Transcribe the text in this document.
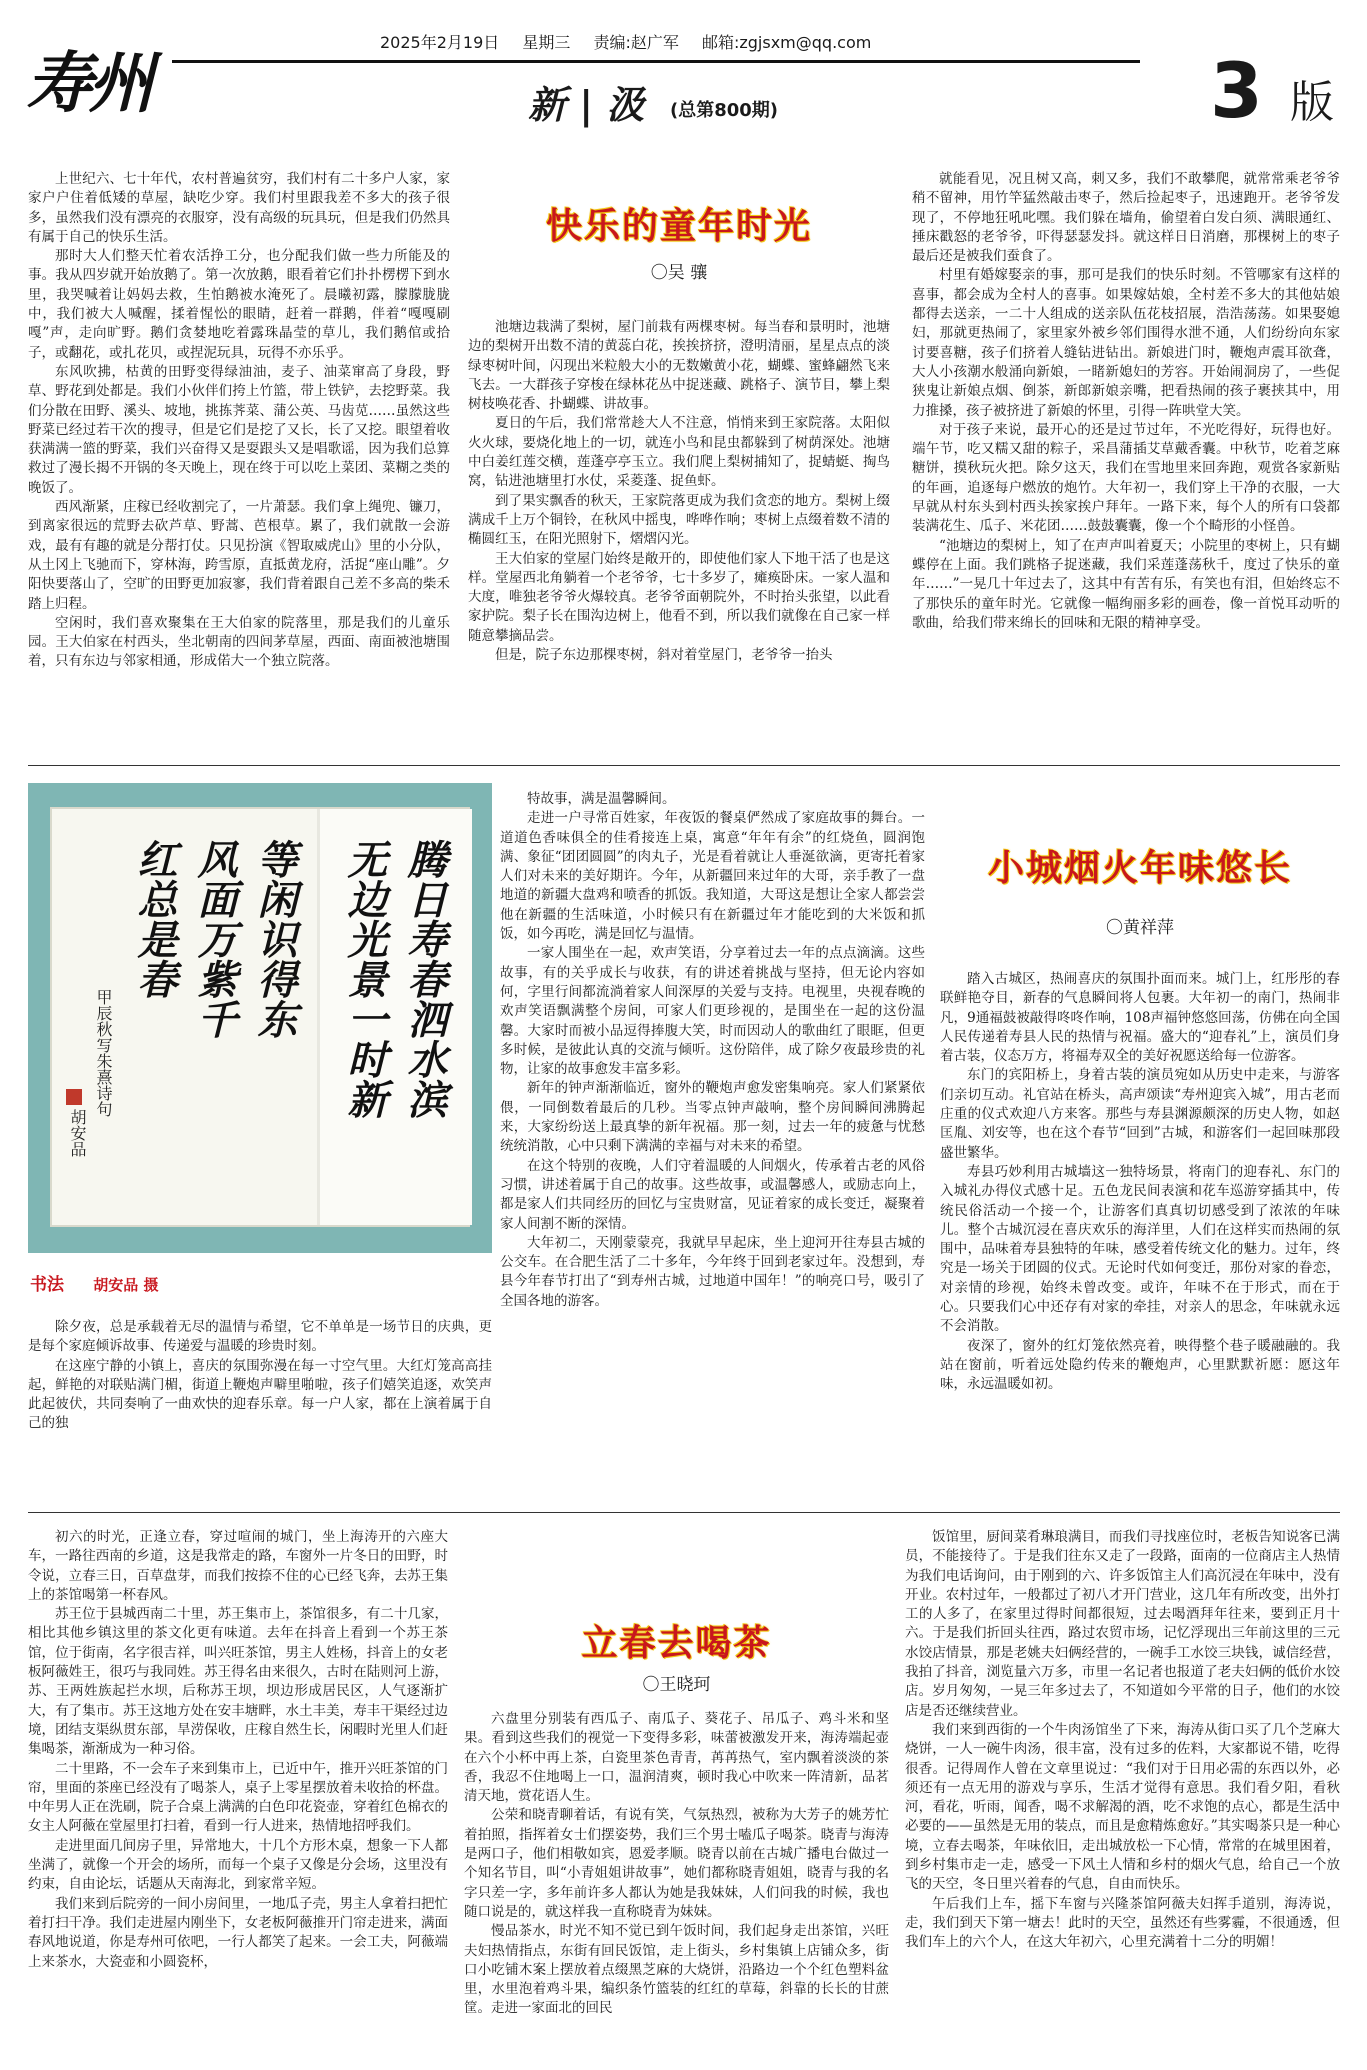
寿州
2025年2月19日 星期三 责编:赵广军 邮箱:zgjsxm@qq.com
新 | 汲 (总第800期)	3 版

上世纪六、七十年代，农村普遍贫穷，我们村有二十多户人家，家家户户住着低矮的草屋，缺吃少穿。我们村里跟我差不多大的孩子很多，虽然我们没有漂亮的衣服穿，没有高级的玩具玩，但是我们仍然具有属于自己的快乐生活。

那时大人们整天忙着农活挣工分，也分配我们做一些力所能及的事。我从四岁就开始放鹅了。第一次放鹅，眼看着它们扑扑楞楞下到水里，我哭喊着让妈妈去救，生怕鹅被水淹死了。晨曦初露，朦朦胧胧中，我们被大人喊醒，揉着惺忪的眼睛，赶着一群鹅，伴着“嘎嘎刷嘎”声，走向旷野。鹅们贪婪地吃着露珠晶莹的草儿，我们鹅倌或拾子，或翻花，或扎花贝，或捏泥玩具，玩得不亦乐乎。

东风吹拂，枯黄的田野变得绿油油，麦子、油菜窜高了身段，野草、野花到处都是。我们小伙伴们挎上竹篮，带上铁铲，去挖野菜。我们分散在田野、溪头、坡地，挑拣荠菜、蒲公英、马齿苋……虽然这些野菜已经过若干次的搜寻，但是它们是挖了又长，长了又挖。眼望着收获满满一篮的野菜，我们兴奋得又是耍跟头又是唱歌谣，因为我们总算救过了漫长揭不开锅的冬天晚上，现在终于可以吃上菜团、菜糊之类的晚饭了。

西风渐紧，庄稼已经收割完了，一片萧瑟。我们拿上绳兜、镰刀，到离家很远的荒野去砍芦草、野蒿、芭根草。累了，我们就散一会游戏，最有有趣的就是分帮打仗。只见扮演《智取威虎山》里的小分队，从土冈上飞驰而下，穿林海，跨雪原，直抵黄龙府，活捉“座山雕”。夕阳快要落山了，空旷的田野更加寂寥，我们背着跟自己差不多高的柴禾踏上归程。

空闲时，我们喜欢聚集在王大伯家的院落里，那是我们的儿童乐园。王大伯家在村西头，坐北朝南的四间茅草屋，西面、南面被池塘围着，只有东边与邻家相通，形成偌大一个独立院落。

快乐的童年时光
〇吴 骧

池塘边栽满了梨树，屋门前栽有两棵枣树。每当春和景明时，池塘边的梨树开出数不清的黄蕊白花，挨挨挤挤，澄明清丽，星星点点的淡绿枣树叶间，闪现出米粒般大小的无数嫩黄小花，蝴蝶、蜜蜂翩然飞来飞去。一大群孩子穿梭在绿林花丛中捉迷藏、跳格子、演节目，攀上梨树枝唤花香、扑蝴蝶、讲故事。

夏日的午后，我们常常趁大人不注意，悄悄来到王家院落。太阳似火火球，要烧化地上的一切，就连小鸟和昆虫都躲到了树荫深处。池塘中白姜红莲交横，莲蓬亭亭玉立。我们爬上梨树捕知了，捉蜻蜓、掏鸟窝，钻进池塘里打水仗，采菱蓬、捉鱼虾。

到了果实飘香的秋天，王家院落更成为我们贪恋的地方。梨树上缀满成千上万个铜铃，在秋风中摇曳，哗哗作响；枣树上点缀着数不清的椭圆红玉，在阳光照射下，熠熠闪光。

王大伯家的堂屋门始终是敞开的，即使他们家人下地干活了也是这样。堂屋西北角躺着一个老爷爷，七十多岁了，瘫痪卧床。一家人温和大度，唯独老爷爷火爆较真。老爷爷面朝院外，不时抬头张望，以此看家护院。梨子长在围沟边树上，他看不到，所以我们就像在自己家一样随意攀摘品尝。

但是，院子东边那棵枣树，斜对着堂屋门，老爷爷一抬头

就能看见，况且树又高，刺又多，我们不敢攀爬，就常常乘老爷爷稍不留神，用竹竿猛然敲击枣子，然后捡起枣子，迅速跑开。老爷爷发现了，不停地狂吼叱嘿。我们躲在墙角，偷望着白发白须、满眼通红、捶床戳怒的老爷爷，吓得瑟瑟发抖。就这样日日消磨，那棵树上的枣子最后还是被我们蚕食了。

村里有婚嫁娶亲的事，那可是我们的快乐时刻。不管哪家有这样的喜事，都会成为全村人的喜事。如果嫁姑娘，全村差不多大的其他姑娘都得去送亲，一二十人组成的送亲队伍花枝招展，浩浩荡荡。如果娶媳妇，那就更热闹了，家里家外被乡邻们围得水泄不通，人们纷纷向东家讨要喜糖，孩子们挤着人缝钻进钻出。新娘进门时，鞭炮声震耳欲聋，大人小孩潮水般涌向新娘，一睹新媳妇的芳容。开始闹洞房了，一些促狭鬼让新娘点烟、倒茶，新郎新娘亲嘴，把看热闹的孩子裹挟其中，用力推搡，孩子被挤进了新娘的怀里，引得一阵哄堂大笑。

对于孩子来说，最开心的还是过节过年，不光吃得好，玩得也好。端午节，吃又糯又甜的粽子，采昌蒲插艾草戴香囊。中秋节，吃着芝麻糖饼，摸秋玩火把。除夕这天，我们在雪地里来回奔跑，观赏各家新贴的年画，追逐每户燃放的炮竹。大年初一，我们穿上干净的衣服，一大早就从村东头到村西头挨家挨户拜年。一路下来，每个人的所有口袋都装满花生、瓜子、米花团……鼓鼓囊囊，像一个个畸形的小怪兽。

“池塘边的梨树上，知了在声声叫着夏天；小院里的枣树上，只有蝴蝶停在上面。我们跳格子捉迷藏，我们采莲蓬荡秋千，度过了快乐的童年……”一晃几十年过去了，这其中有苦有乐，有笑也有泪，但始终忘不了那快乐的童年时光。它就像一幅绚丽多彩的画卷，像一首悦耳动听的歌曲，给我们带来绵长的回味和无限的精神享受。

腾日寿春泗水滨
无边光景一时新
等闲识得东
风面万紫千
红总是春
甲辰秋写朱熹诗句
胡安品
书法 胡安品 摄

除夕夜，总是承载着无尽的温情与希望，它不单单是一场节日的庆典，更是每个家庭倾诉故事、传递爱与温暖的珍贵时刻。

在这座宁静的小镇上，喜庆的氛围弥漫在每一寸空气里。大红灯笼高高挂起，鲜艳的对联贴满门楣，街道上鞭炮声噼里啪啦，孩子们嬉笑追逐，欢笑声此起彼伏，共同奏响了一曲欢快的迎春乐章。每一户人家，都在上演着属于自己的独

特故事，满是温馨瞬间。

走进一户寻常百姓家，年夜饭的餐桌俨然成了家庭故事的舞台。一道道色香味俱全的佳肴接连上桌，寓意“年年有余”的红烧鱼，圆润饱满、象征“团团圆圆”的肉丸子，光是看着就让人垂涎欲滴，更寄托着家人们对未来的美好期许。今年，从新疆回来过年的大哥，亲手教了一盘地道的新疆大盘鸡和喷香的抓饭。我知道，大哥这是想让全家人都尝尝他在新疆的生活味道，小时候只有在新疆过年才能吃到的大米饭和抓饭，如今再吃，满是回忆与温情。

一家人围坐在一起，欢声笑语，分享着过去一年的点点滴滴。这些故事，有的关乎成长与收获，有的讲述着挑战与坚持，但无论内容如何，字里行间都流淌着家人间深厚的关爱与支持。电视里，央视春晚的欢声笑语飘满整个房间，可家人们更珍视的，是围坐在一起的这份温馨。大家时而被小品逗得捧腹大笑，时而因动人的歌曲红了眼眶，但更多时候，是彼此认真的交流与倾听。这份陪伴，成了除夕夜最珍贵的礼物，让家的故事愈发丰富多彩。

新年的钟声渐渐临近，窗外的鞭炮声愈发密集响亮。家人们紧紧依偎，一同倒数着最后的几秒。当零点钟声敲响，整个房间瞬间沸腾起来，大家纷纷送上最真挚的新年祝福。那一刻，过去一年的疲惫与忧愁统统消散，心中只剩下满满的幸福与对未来的希望。

在这个特别的夜晚，人们守着温暖的人间烟火，传承着古老的风俗习惯，讲述着属于自己的故事。这些故事，或温馨感人，或励志向上，都是家人们共同经历的回忆与宝贵财富，见证着家的成长变迁，凝聚着家人间割不断的深情。

大年初二，天刚蒙蒙亮，我就早早起床，坐上迎河开往寿县古城的公交车。在合肥生活了二十多年，今年终于回到老家过年。没想到，寿县今年春节打出了“到寿州古城，过地道中国年！”的响亮口号，吸引了全国各地的游客。

小城烟火年味悠长
〇黄祥萍

踏入古城区，热闹喜庆的氛围扑面而来。城门上，红彤彤的春联鲜艳夺目，新春的气息瞬间将人包裹。大年初一的南门，热闹非凡，9通福鼓被敲得咚咚作响，108声福钟悠悠回荡，仿佛在向全国人民传递着寿县人民的热情与祝福。盛大的“迎春礼”上，演员们身着古装，仪态万方，将福寿双全的美好祝愿送给每一位游客。

东门的宾阳桥上，身着古装的演员宛如从历史中走来，与游客们亲切互动。礼官站在桥头，高声颂读“寿州迎宾入城”，用古老而庄重的仪式欢迎八方来客。那些与寿县渊源颇深的历史人物，如赵匡胤、刘安等，也在这个春节“回到”古城，和游客们一起回味那段盛世繁华。

寿县巧妙利用古城墙这一独特场景，将南门的迎春礼、东门的入城礼办得仪式感十足。五色龙民间表演和花车巡游穿插其中，传统民俗活动一个接一个，让游客们真真切切感受到了浓浓的年味儿。整个古城沉浸在喜庆欢乐的海洋里，人们在这样实而热闹的氛围中，品味着寿县独特的年味，感受着传统文化的魅力。过年，终究是一场关于团圆的仪式。无论时代如何变迁，那份对家的眷恋，对亲情的珍视，始终未曾改变。或许，年味不在于形式，而在于心。只要我们心中还存有对家的牵挂，对亲人的思念，年味就永远不会消散。

夜深了，窗外的红灯笼依然亮着，映得整个巷子暖融融的。我站在窗前，听着远处隐约传来的鞭炮声，心里默默祈愿：愿这年味，永远温暖如初。

初六的时光，正逢立春，穿过喧闹的城门，坐上海涛开的六座大车，一路往西南的乡道，这是我常走的路，车窗外一片冬日的田野，时令说，立春三日，百草盘芽，而我们按捺不住的心已经飞奔，去苏王集上的茶馆喝第一杯春风。

苏王位于县城西南二十里，苏王集市上，茶馆很多，有二十几家，相比其他乡镇这里的茶文化更有味道。去年在抖音上看到一个苏王茶馆，位于街南，名字很吉祥，叫兴旺茶馆，男主人姓杨，抖音上的女老板阿薇姓王，很巧与我同姓。苏王得名由来很久，古时在陆则河上游，苏、王两姓族起拦水坝，后称苏王坝，坝边形成居民区，人气逐渐扩大，有了集市。苏王这地方处在安丰塘畔，水土丰美，寿丰干渠经过边境，团结支渠纵贯东部，旱涝保收，庄稼自然生长，闲暇时光里人们赶集喝茶，渐渐成为一种习俗。

二十里路，不一会车子来到集市上，已近中午，推开兴旺茶馆的门帘，里面的茶座已经没有了喝茶人，桌子上零星摆放着未收拾的杯盘。中年男人正在洗刷，院子合桌上满满的白色印花瓷壶，穿着红色棉衣的女主人阿薇在堂屋里打扫着，看到一行人进来，热情地招呼我们。

走进里面几间房子里，异常地大，十几个方形木桌，想象一下人都坐满了，就像一个开会的场所，而每一个桌子又像是分会场，这里没有约束，自由论坛，话题从天南海北，到家常辛短。

我们来到后院旁的一间小房间里，一地瓜子壳，男主人拿着扫把忙着打扫干净。我们走进屋内刚坐下，女老板阿薇推开门帘走进来，满面春风地说道，你是寿州可依吧，一行人都笑了起来。一会工夫，阿薇端上来茶水，大瓷壶和小圆瓷杯，

立春去喝茶
〇王晓珂

六盘里分别装有西瓜子、南瓜子、葵花子、吊瓜子、鸡斗米和坚果。看到这些我们的视觉一下变得多彩，味蕾被激发开来，海涛端起壶在六个小杯中再上茶，白瓷里茶色青青，苒苒热气，室内飘着淡淡的茶香，我忍不住地喝上一口，温润清爽，顿时我心中吹来一阵清新，品茗清天地，赏花语人生。

公荣和晓青聊着话，有说有笑，气氛热烈，被称为大芳子的姚芳忙着拍照，指挥着女士们摆姿势，我们三个男士嗑瓜子喝茶。晓青与海涛是两口子，他们相敬如宾，恩爱孝顺。晓青以前在古城广播电台做过一个知名节目，叫“小青姐姐讲故事”，她们都称晓青姐姐，晓青与我的名字只差一字，多年前许多人都认为她是我妹妹，人们问我的时候，我也随口说是的，就这样我一直称晓青为妹妹。

慢品茶水，时光不知不觉已到午饭时间，我们起身走出茶馆，兴旺夫妇热情指点，东街有回民饭馆，走上街头，乡村集镇上店铺众多，街口小吃铺木案上摆放着点缀黑芝麻的大烧饼，沿路边一个个红色塑料盆里，水里泡着鸡斗果，编织条竹篮装的红红的草莓，斜靠的长长的甘蔗筐。走进一家面北的回民

饭馆里，厨间菜肴琳琅满目，而我们寻找座位时，老板告知说客已满员，不能接待了。于是我们往东又走了一段路，面南的一位商店主人热情为我们电话询问，由于刚到的六、许多饭馆主人们高沉浸在年味中，没有开业。农村过年，一般都过了初八才开门营业，这几年有所改变，出外打工的人多了，在家里过得时间都很短，过去喝酒拜年往来，要到正月十六。于是我们折回头往西，路过农贸市场，记忆浮现出三年前这里的三元水饺店情景，那是老姚夫妇俩经营的，一碗手工水饺三块钱，诚信经营，我拍了抖音，浏览量六万多，市里一名记者也报道了老夫妇俩的低价水饺店。岁月匆匆，一晃三年多过去了，不知道如今平常的日子，他们的水饺店是否还继续营业。

我们来到西街的一个牛肉汤馆坐了下来，海涛从街口买了几个芝麻大烧饼，一人一碗牛肉汤，很丰富，没有过多的佐料，大家都说不错，吃得很香。记得周作人曾在文章里说过：“我们对于日用必需的东西以外，必须还有一点无用的游戏与享乐，生活才觉得有意思。我们看夕阳，看秋河，看花，听雨，闻香，喝不求解渴的酒，吃不求饱的点心，都是生活中必要的——虽然是无用的装点，而且是愈精炼愈好。”其实喝茶只是一种心境，立春去喝茶，年味依旧，走出城放松一下心情，常常的在城里困着，到乡村集市走一走，感受一下风土人情和乡村的烟火气息，给自己一个放飞的天空，冬日里兴着春的气息，自由而快乐。

午后我们上车，摇下车窗与兴隆茶馆阿薇夫妇挥手道别，海涛说，走，我们到天下第一塘去！此时的天空，虽然还有些雾霾，不很通透，但我们车上的六个人，在这大年初六，心里充满着十二分的明媚！
